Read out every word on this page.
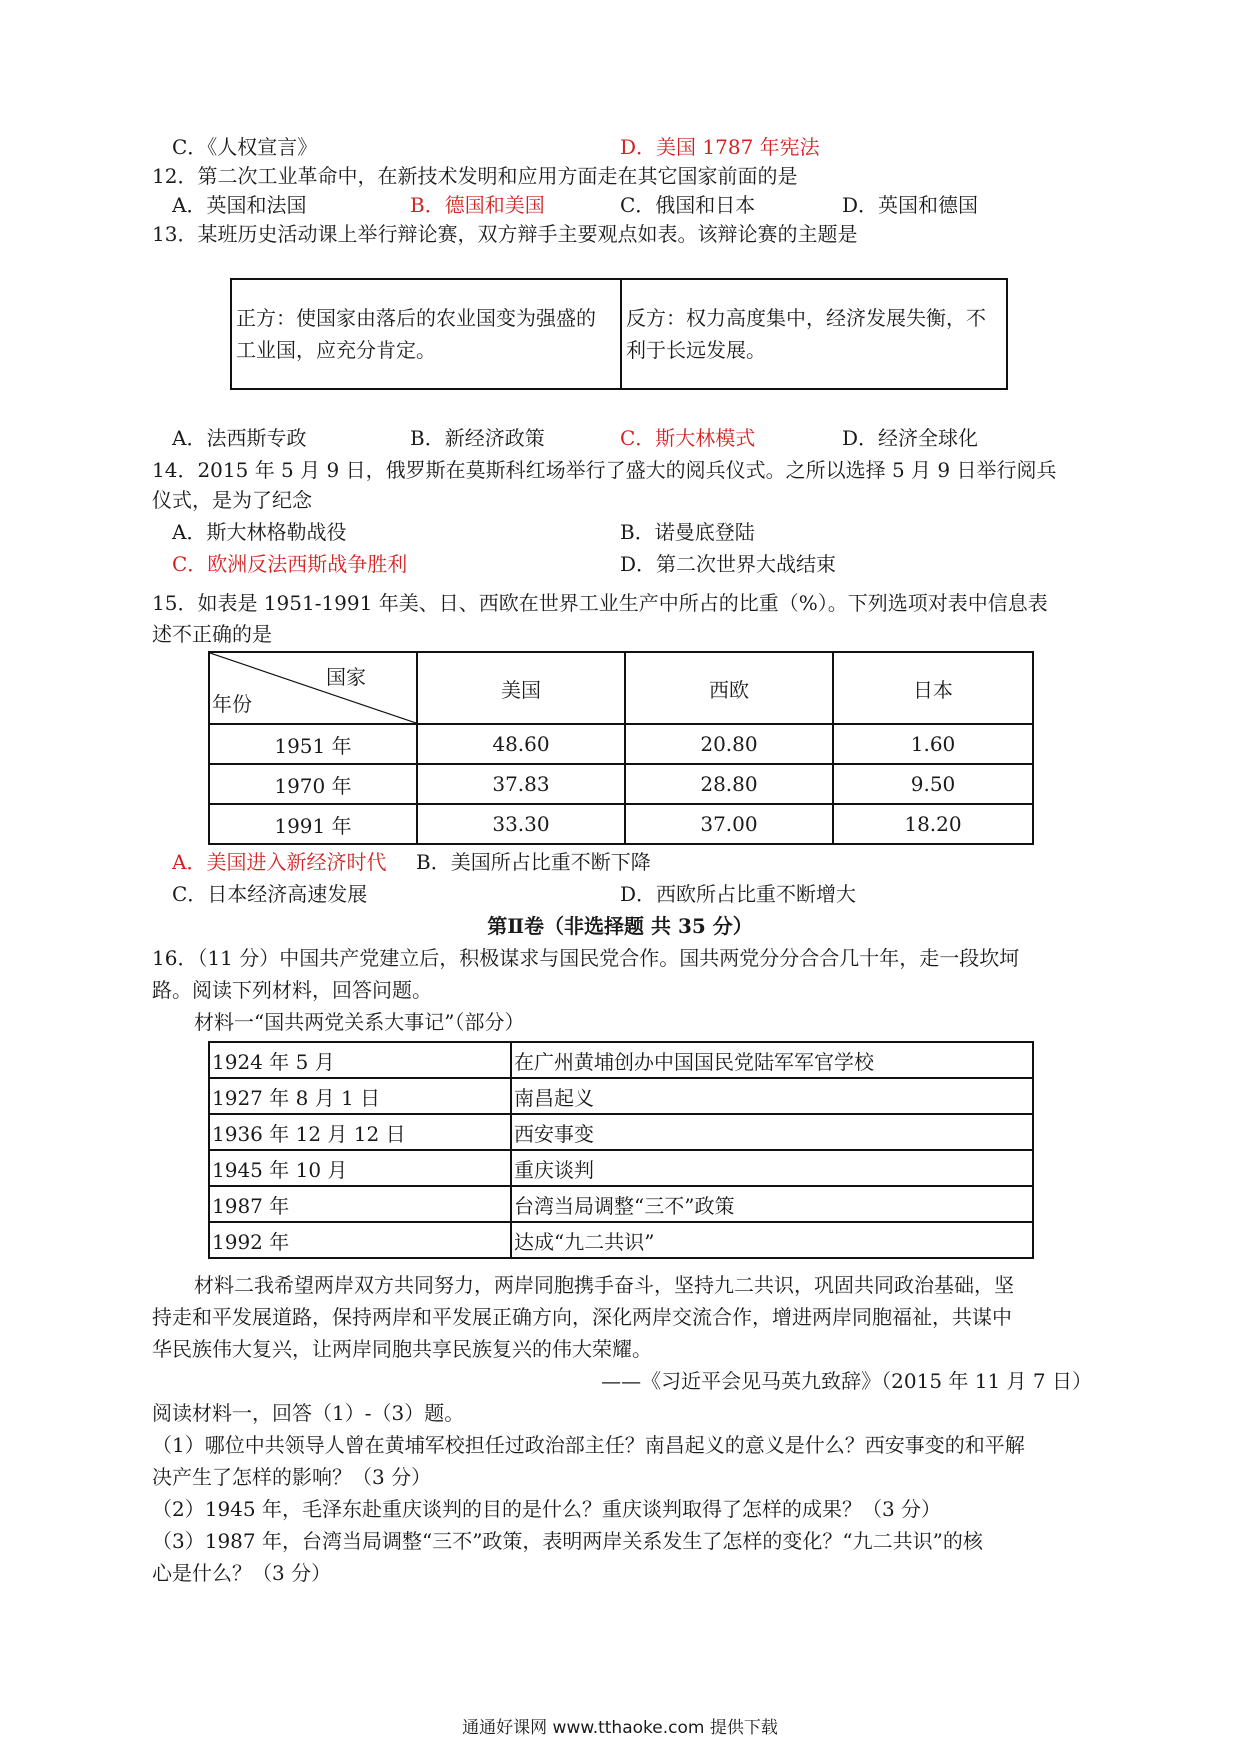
C．《人权宣言》	D．美国 1787 年宪法
12．第二次工业革命中，在新技术发明和应用方面走在其它国家前面的是
A．英国和法国	B．德国和美国	C．俄国和日本	D．英国和德国
13．某班历史活动课上举行辩论赛，双方辩手主要观点如表。该辩论赛的主题是
正方：使国家由落后的农业国变为强盛的
工业国，应充分肯定。

反方：权力高度集中，经济发展失衡，不
利于长远发展。
A．法西斯专政	B．新经济政策	C．斯大林模式	D．经济全球化
14．2015 年 5 月 9 日，俄罗斯在莫斯科红场举行了盛大的阅兵仪式。之所以选择 5 月 9 日举行阅兵
仪式，是为了纪念
A．斯大林格勒战役	B．诺曼底登陆
C．欧洲反法西斯战争胜利	D．第二次世界大战结束
15．如表是 1951-1991 年美、日、西欧在世界工业生产中所占的比重（%）。下列选项对表中信息表
述不正确的是
国家
年份	美国	西欧	日本
1951 年	48.60	20.80	1.60
1970 年	37.83	28.80	9.50
1991 年	33.30	37.00	18.20
A．美国进入新经济时代 B．美国所占比重不断下降
C．日本经济高速发展	D．西欧所占比重不断增大
第Ⅱ卷（非选择题 共 35 分）
16．（11 分）中国共产党建立后，积极谋求与国民党合作。国共两党分分合合几十年，走一段坎坷
路。阅读下列材料，回答问题。
材料一“国共两党关系大事记”（部分）
1924 年 5 月	在广州黄埔创办中国国民党陆军军官学校
1927 年 8 月 1 日	南昌起义
1936 年 12 月 12 日	西安事变
1945 年 10 月	重庆谈判
1987 年	台湾当局调整“三不”政策
1992 年	达成“九二共识”
材料二我希望两岸双方共同努力，两岸同胞携手奋斗，坚持九二共识，巩固共同政治基础，坚
持走和平发展道路，保持两岸和平发展正确方向，深化两岸交流合作，增进两岸同胞福祉，共谋中
华民族伟大复兴，让两岸同胞共享民族复兴的伟大荣耀。
——《习近平会见马英九致辞》（2015 年 11 月 7 日）
阅读材料一，回答（1）-（3）题。
（1）哪位中共领导人曾在黄埔军校担任过政治部主任？南昌起义的意义是什么？西安事变的和平解
决产生了怎样的影响？（3 分）
（2）1945 年，毛泽东赴重庆谈判的目的是什么？重庆谈判取得了怎样的成果？（3 分）
（3）1987 年，台湾当局调整“三不”政策，表明两岸关系发生了怎样的变化？“九二共识”的核
心是什么？（3 分）
通通好课网 www.tthaoke.com 提供下载
